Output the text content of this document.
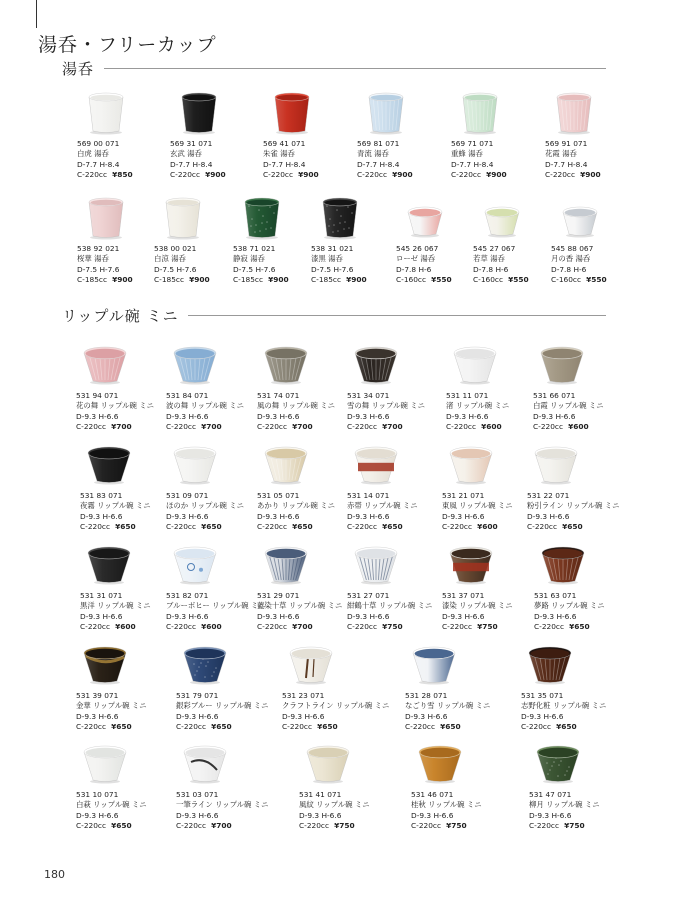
湯呑・フリーカップ
湯呑
リップル碗 ミニ
569 00 071
白虎 湯呑
D-7.7 H-8.4
C-220cc ¥850
569 31 071
玄武 湯呑
D-7.7 H-8.4
C-220cc ¥900
569 41 071
朱雀 湯呑
D-7.7 H-8.4
C-220cc ¥900
569 81 071
青流 湯呑
D-7.7 H-8.4
C-220cc ¥900
569 71 071
重蜂 湯呑
D-7.7 H-8.4
C-220cc ¥900
569 91 071
花霞 湯呑
D-7.7 H-8.4
C-220cc ¥900
538 92 021
桜華 湯呑
D-7.5 H-7.6
C-185cc ¥900
538 00 021
白涼 湯呑
D-7.5 H-7.6
C-185cc ¥900
538 71 021
静寂 湯呑
D-7.5 H-7.6
C-185cc ¥900
538 31 021
漆黒 湯呑
D-7.5 H-7.6
C-185cc ¥900
545 26 067
ローゼ 湯呑
D-7.8 H-6
C-160cc ¥550
545 27 067
若草 湯呑
D-7.8 H-6
C-160cc ¥550
545 88 067
月の香 湯呑
D-7.8 H-6
C-160cc ¥550
531 94 071
花の舞 リップル碗 ミニ
D-9.3 H-6.6
C-220cc ¥700
531 84 071
波の舞 リップル碗 ミニ
D-9.3 H-6.6
C-220cc ¥700
531 74 071
風の舞 リップル碗 ミニ
D-9.3 H-6.6
C-220cc ¥700
531 34 071
雪の舞 リップル碗 ミニ
D-9.3 H-6.6
C-220cc ¥700
531 11 071
渚 リップル碗 ミニ
D-9.3 H-6.6
C-220cc ¥600
531 66 071
白霞 リップル碗 ミニ
D-9.3 H-6.6
C-220cc ¥600
531 83 071
夜霧 リップル碗 ミニ
D-9.3 H-6.6
C-220cc ¥650
531 09 071
ほのか リップル碗 ミニ
D-9.3 H-6.6
C-220cc ¥650
531 05 071
あかり リップル碗 ミニ
D-9.3 H-6.6
C-220cc ¥650
531 14 071
赤帯 リップル碗 ミニ
D-9.3 H-6.6
C-220cc ¥650
531 21 071
東風 リップル碗 ミニ
D-9.3 H-6.6
C-220cc ¥600
531 22 071
粉引ライン リップル碗 ミニ
D-9.3 H-6.6
C-220cc ¥650
531 31 071
黒洋 リップル碗 ミニ
D-9.3 H-6.6
C-220cc ¥600
531 82 071
ブルーボヒー リップル碗 ミニ
D-9.3 H-6.6
C-220cc ¥600
531 29 071
藍染十草 リップル碗 ミニ
D-9.3 H-6.6
C-220cc ¥700
531 27 071
紺鶴十草 リップル碗 ミニ
D-9.3 H-6.6
C-220cc ¥750
531 37 071
漆染 リップル碗 ミニ
D-9.3 H-6.6
C-220cc ¥750
531 63 071
夢路 リップル碗 ミニ
D-9.3 H-6.6
C-220cc ¥650
531 39 071
金華 リップル碗 ミニ
D-9.3 H-6.6
C-220cc ¥650
531 79 071
銀彩ブルー リップル碗 ミニ
D-9.3 H-6.6
C-220cc ¥650
531 23 071
クラフトライン リップル碗 ミニ
D-9.3 H-6.6
C-220cc ¥650
531 28 071
なごり雪 リップル碗 ミニ
D-9.3 H-6.6
C-220cc ¥650
531 35 071
志野化粧 リップル碗 ミニ
D-9.3 H-6.6
C-220cc ¥650
531 10 071
白萩 リップル碗 ミニ
D-9.3 H-6.6
C-220cc ¥650
531 03 071
一筆ライン リップル碗 ミニ
D-9.3 H-6.6
C-220cc ¥700
531 41 071
風紋 リップル碗 ミニ
D-9.3 H-6.6
C-220cc ¥750
531 46 071
桂秋 リップル碗 ミニ
D-9.3 H-6.6
C-220cc ¥750
531 47 071
柳月 リップル碗 ミニ
D-9.3 H-6.6
C-220cc ¥750
180
